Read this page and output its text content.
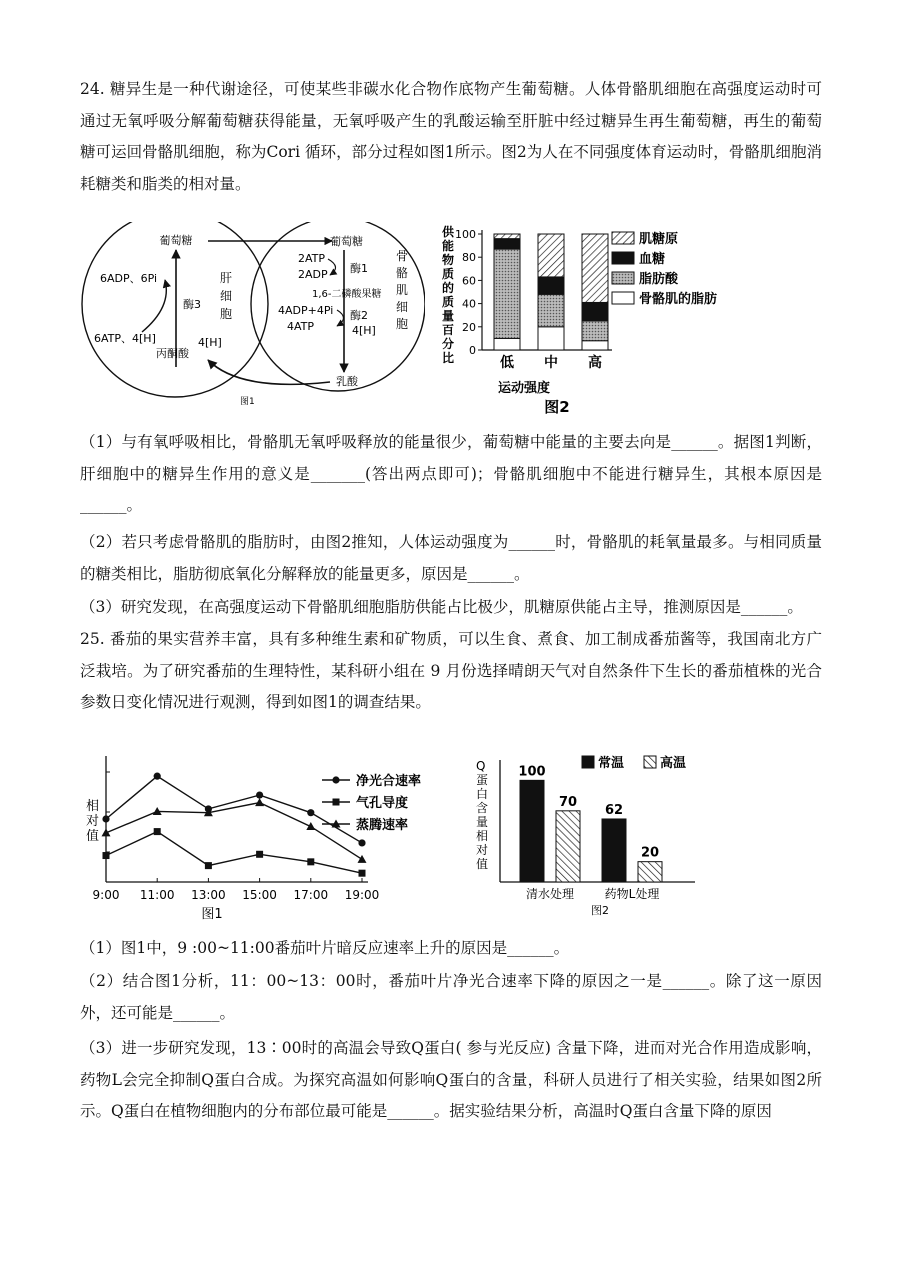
24. 糖异生是一种代谢途径，可使某些非碳水化合物作底物产生葡萄糖。人体骨骼肌细胞在高强度运动时可通过无氧呼吸分解葡萄糖获得能量，无氧呼吸产生的乳酸运输至肝脏中经过糖异生再生葡萄糖，再生的葡萄糖可运回骨骼肌细胞，称为Cori 循环，部分过程如图1所示。图2为人在不同强度体育运动时，骨骼肌细胞消耗糖类和脂类的相对量。

葡萄糖
6ADP、6Pi
6ATP、4[H]
酶3
丙酮酸
4[H]
肝
细
胞
葡萄糖
2ATP
2ADP 酶1
1,6-二磷酸果糖
4ADP+4Pi
4ATP
酶2
4[H]
乳酸
骨
骼
肌
细
胞
图1
供
能
物
质
的
质
量
百
分
比
0
20
40
60
80
100
低 中 高
肌糖原
血糖
脂肪酸
骨骼肌的脂肪
运动强度
图2

（1）与有氧呼吸相比，骨骼肌无氧呼吸释放的能量很少，葡萄糖中能量的主要去向是______。据图1判断，肝细胞中的糖异生作用的意义是_______(答出两点即可)；骨骼肌细胞中不能进行糖异生，其根本原因是______。

（2）若只考虑骨骼肌的脂肪时，由图2推知，人体运动强度为______时，骨骼肌的耗氧量最多。与相同质量的糖类相比，脂肪彻底氧化分解释放的能量更多，原因是______。

（3）研究发现，在高强度运动下骨骼肌细胞脂肪供能占比极少，肌糖原供能占主导，推测原因是______。

25. 番茄的果实营养丰富，具有多种维生素和矿物质，可以生食、煮食、加工制成番茄酱等，我国南北方广泛栽培。为了研究番茄的生理特性，某科研小组在 9 月份选择晴朗天气对自然条件下生长的番茄植株的光合参数日变化情况进行观测，得到如图1的调查结果。

相
对
值
净光合速率
气孔导度
蒸腾速率
9:00 11:00 13:00 15:00 17:00 19:00
图1
清水处理	药物L处理
100
70
62
20
常温	高温
Q
蛋
白
含
量
相
对
值
图2

（1）图1中，9 :00~11:00番茄叶片暗反应速率上升的原因是______。

（2）结合图1分析，11：00~13：00时，番茄叶片净光合速率下降的原因之一是______。除了这一原因外，还可能是______。

（3）进一步研究发现，13∶00时的高温会导致Q蛋白( 参与光反应) 含量下降，进而对光合作用造成影响，药物L会完全抑制Q蛋白合成。为探究高温如何影响Q蛋白的含量，科研人员进行了相关实验，结果如图2所示。Q蛋白在植物细胞内的分布部位最可能是______。据实验结果分析，高温时Q蛋白含量下降的原因
